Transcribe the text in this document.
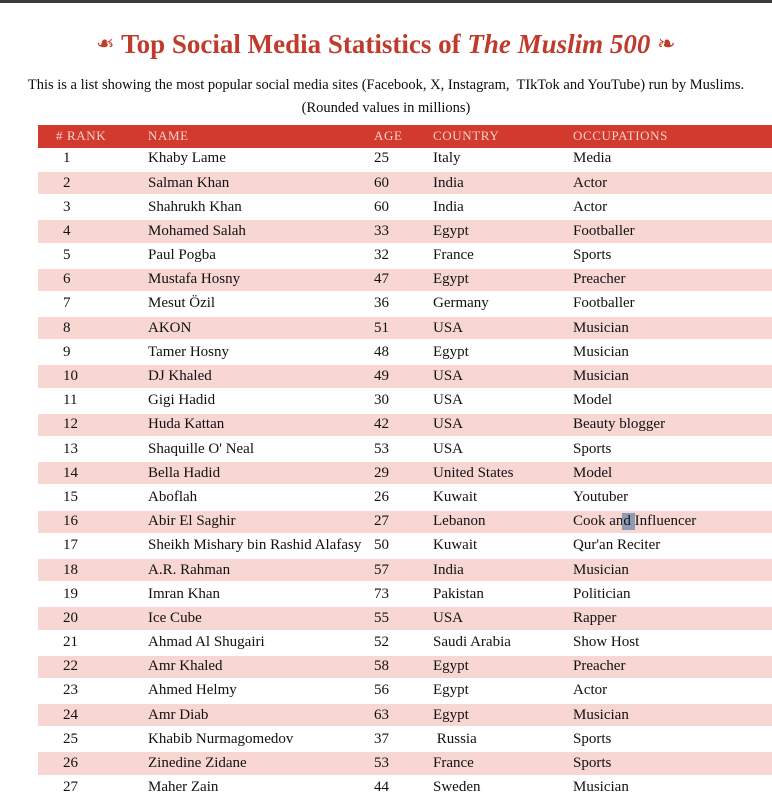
❧ Top Social Media Statistics of The Muslim 500 ❧

This is a list showing the most popular social media sites (Facebook, X, Instagram,  TIkTok and YouTube) run by Muslims.

(Rounded values in millions)

# RANK	NAME	AGE	COUNTRY	OCCUPATIONS
1	Khaby Lame	25	Italy	Media
2	Salman Khan	60	India	Actor
3	Shahrukh Khan	60	India	Actor
4	Mohamed Salah	33	Egypt	Footballer
5	Paul Pogba	32	France	Sports
6	Mustafa Hosny	47	Egypt	Preacher
7	Mesut Özil	36	Germany	Footballer
8	AKON	51	USA	Musician
9	Tamer Hosny	48	Egypt	Musician
10	DJ Khaled	49	USA	Musician
11	Gigi Hadid	30	USA	Model
12	Huda Kattan	42	USA	Beauty blogger
13	Shaquille O' Neal	53	USA	Sports
14	Bella Hadid	29	United States	Model
15	Aboflah	26	Kuwait	Youtuber
16	Abir El Saghir	27	Lebanon	Cook and Influencer
17	Sheikh Mishary bin Rashid Alafasy 50	Kuwait	Qur'an Reciter
18	A.R. Rahman	57	India	Musician
19	Imran Khan	73	Pakistan	Politician
20	Ice Cube	55	USA	Rapper
21	Ahmad Al Shugairi	52	Saudi Arabia	Show Host
22	Amr Khaled	58	Egypt	Preacher
23	Ahmed Helmy	56	Egypt	Actor
24	Amr Diab	63	Egypt	Musician
25	Khabib Nurmagomedov	37	Russia	Sports
26	Zinedine Zidane	53	France	Sports
27	Maher Zain	44	Sweden	Musician
